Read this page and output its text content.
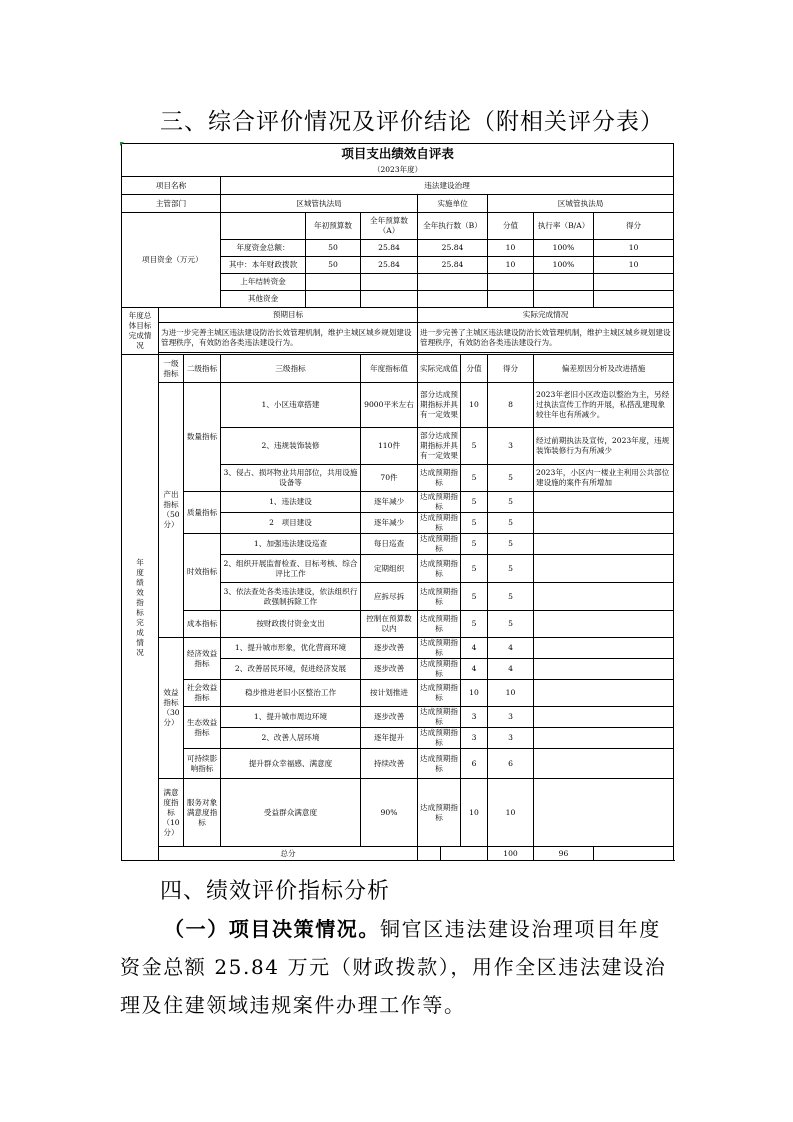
三、综合评价情况及评价结论（附相关评分表）
项目支出绩效自评表											
（2023年度）											
项目名称			违法建设治理								
主管部门			区城管执法局			实施单位			区城管执法局		

项目资金（万元）				年初预算数	全年预算数（A）	全年执行数（B）			分值	执行率（B/A）	得分
			年度资金总额：	50	25.84	25.84			10	100%	10
			其中：本年财政拨款	50	25.84	25.84			10	100%	10
			上年结转资金								
			其他资金								

年度总体目标完成情况	预期目标					实际完成情况					
	为进一步完善主城区违法建设防治长效管理机制，维护主城区城乡规划建设管理秩序，有效防治各类违法建设行为。					进一步完善了主城区违法建设防治长效管理机制，维护主城区城乡规划建设管理秩序，有效防治各类违法建设行为。					

年度绩效指标完成情况	一级指标	二级指标	三级指标		年度指标值	实际完成值		分值	得分	偏差原因分析及改进措施	
	产出指标（50分）	数量指标	1、小区违章搭建		9000平米左右	部分达成预期指标并具有一定效果		10	8	2023年老旧小区改造以整治为主，另经过执法宣传工作的开展，私搭乱建现象较往年也有所减少。	
			2、违规装饰装修		110件	部分达成预期指标并具有一定效果		5	3	经过前期执法及宣传，2023年度，违规装饰装修行为有所减少	
			3、侵占、损坏物业共用部位，共用设施设备等		70件	达成预期指标		5	5	2023年，小区内一楼业主利用公共部位建设施的案件有所增加	
		质量指标	1、违法建设		逐年减少	达成预期指标		5	5		
			2　项目建设		逐年减少	达成预期指标		5	5		
		时效指标	1、加强违法建设巡查		每日巡查	达成预期指标		5	5		
			2、组织开展监督检查、目标考核、综合评比工作		定期组织	达成预期指标		5	5		
			3、依法查处各类违法建设，依法组织行政强制拆除工作		应拆尽拆	达成预期指标		5	5		
		成本指标	按财政拨付资金支出		控制在预算数以内	达成预期指标		5	5		
	效益指标（30分）	经济效益指标	1、提升城市形象，优化营商环境		逐步改善	达成预期指标		4	4		
			2、改善居民环境，促进经济发展		逐步改善	达成预期指标		4	4		

		社会效益指标	稳步推进老旧小区整治工作		按计划推进	达成预期指标		10	10		

		生态效益指标	1、提升城市周边环境		逐步改善	达成预期指标		3	3		
			2、改善人居环境		逐年提升	达成预期指标		3	3		

		可持续影响指标	提升群众幸福感、满意度		持续改善	达成预期指标		6	6		
	满意度指标（10分）	服务对象满意度指标	受益群众满意度		90%	达成预期指标		10	10		
	总分								100	96	
四、绩效评价指标分析
（一）项目决策情况。铜官区违法建设治理项目年度资金总额 25.84 万元（财政拨款），用作全区违法建设治理及住建领域违规案件办理工作等。
